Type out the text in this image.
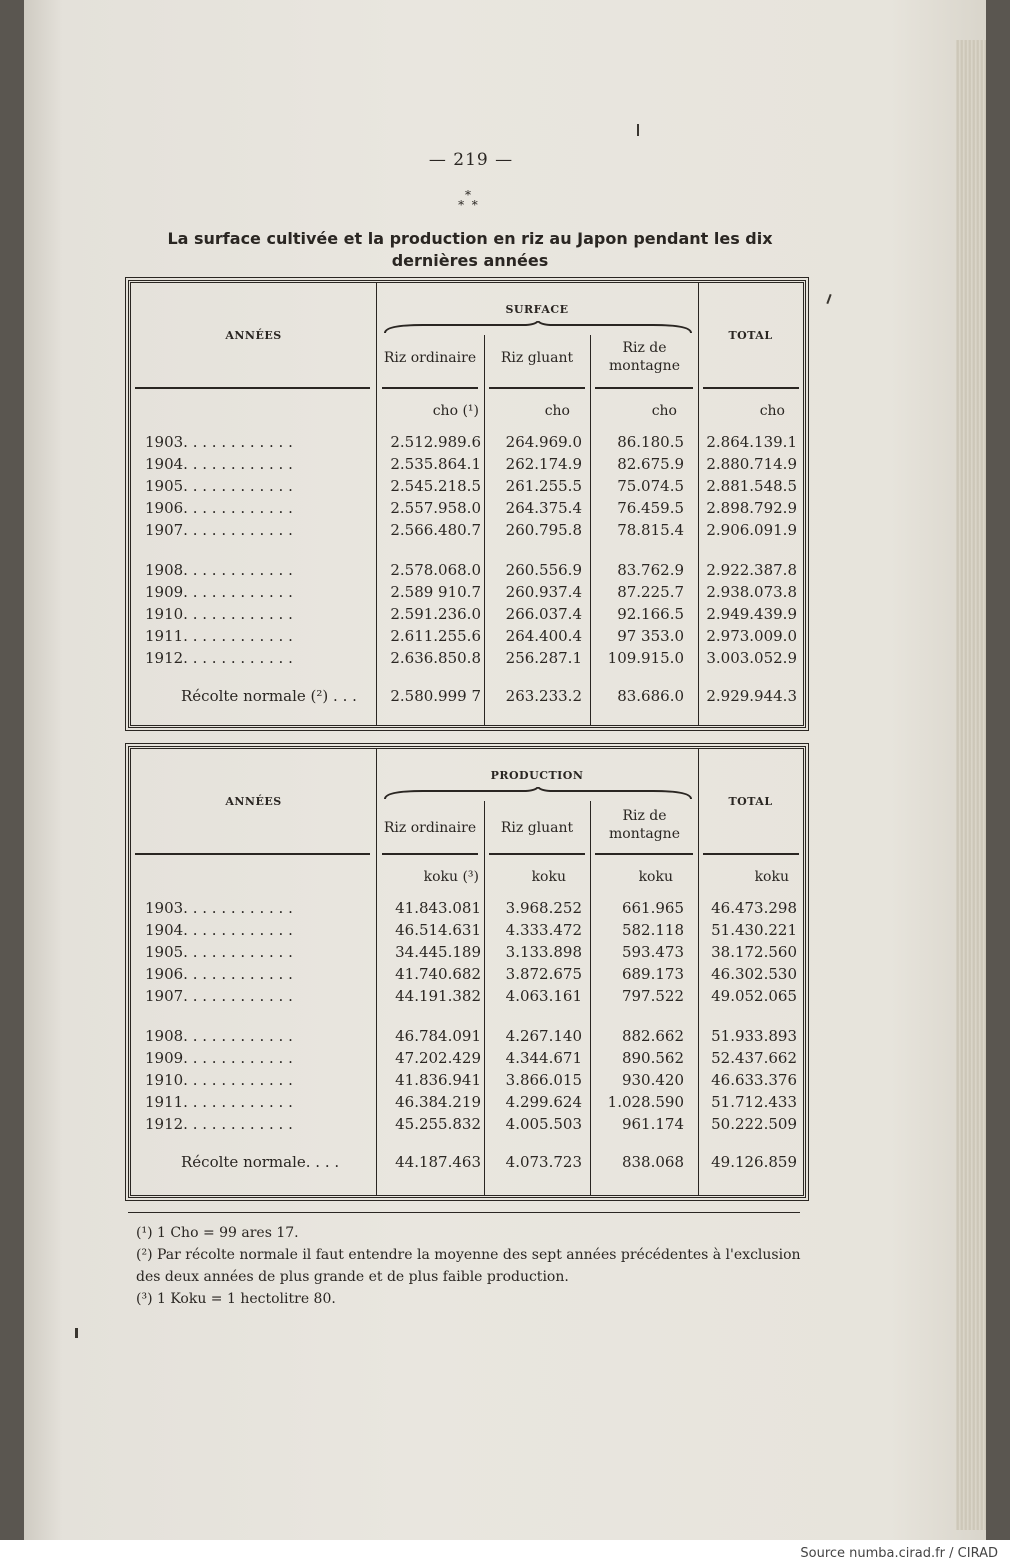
— 219 —
*
*  *
La surface cultivée et la production en riz au Japon pendant les dix dernières années
ANNÉES
SURFACE
TOTAL
Riz ordinaire	Riz gluant
Riz de montagne
cho (¹)	cho	cho	cho
1903. . . . . . . . . . . .	2.512.989.6	264.969.0	86.180.5	2.864.139.1
1904. . . . . . . . . . . .	2.535.864.1	262.174.9	82.675.9	2.880.714.9
1905. . . . . . . . . . . .	2.545.218.5	261.255.5	75.074.5	2.881.548.5
1906. . . . . . . . . . . .	2.557.958.0	264.375.4	76.459.5	2.898.792.9
1907. . . . . . . . . . . .	2.566.480.7	260.795.8	78.815.4	2.906.091.9
1908. . . . . . . . . . . .	2.578.068.0	260.556.9	83.762.9	2.922.387.8
1909. . . . . . . . . . . .	2.589 910.7	260.937.4	87.225.7	2.938.073.8
1910. . . . . . . . . . . .	2.591.236.0	266.037.4	92.166.5	2.949.439.9
1911. . . . . . . . . . . .	2.611.255.6	264.400.4	97 353.0	2.973.009.0
1912. . . . . . . . . . . .	2.636.850.8	256.287.1	109.915.0	3.003.052.9
Récolte normale (²) . . .	2.580.999 7	263.233.2	83.686.0	2.929.944.3
ANNÉES
PRODUCTION
TOTAL
Riz ordinaire	Riz gluant
Riz de montagne
koku (³)	koku	koku	koku
1903. . . . . . . . . . . .	41.843.081	3.968.252	661.965	46.473.298
1904. . . . . . . . . . . .	46.514.631	4.333.472	582.118	51.430.221
1905. . . . . . . . . . . .	34.445.189	3.133.898	593.473	38.172.560
1906. . . . . . . . . . . .	41.740.682	3.872.675	689.173	46.302.530
1907. . . . . . . . . . . .	44.191.382	4.063.161	797.522	49.052.065
1908. . . . . . . . . . . .	46.784.091	4.267.140	882.662	51.933.893
1909. . . . . . . . . . . .	47.202.429	4.344.671	890.562	52.437.662
1910. . . . . . . . . . . .	41.836.941	3.866.015	930.420	46.633.376
1911. . . . . . . . . . . .	46.384.219	4.299.624	1.028.590	51.712.433
1912. . . . . . . . . . . .	45.255.832	4.005.503	961.174	50.222.509
Récolte normale. . . .	44.187.463	4.073.723	838.068	49.126.859
(¹) 1 Cho = 99 ares 17.
(²) Par récolte normale il faut entendre la moyenne des sept années précédentes à l'exclusion des deux années de plus grande et de plus faible production.
(³) 1 Koku = 1 hectolitre 80.
Source numba.cirad.fr / CIRAD
